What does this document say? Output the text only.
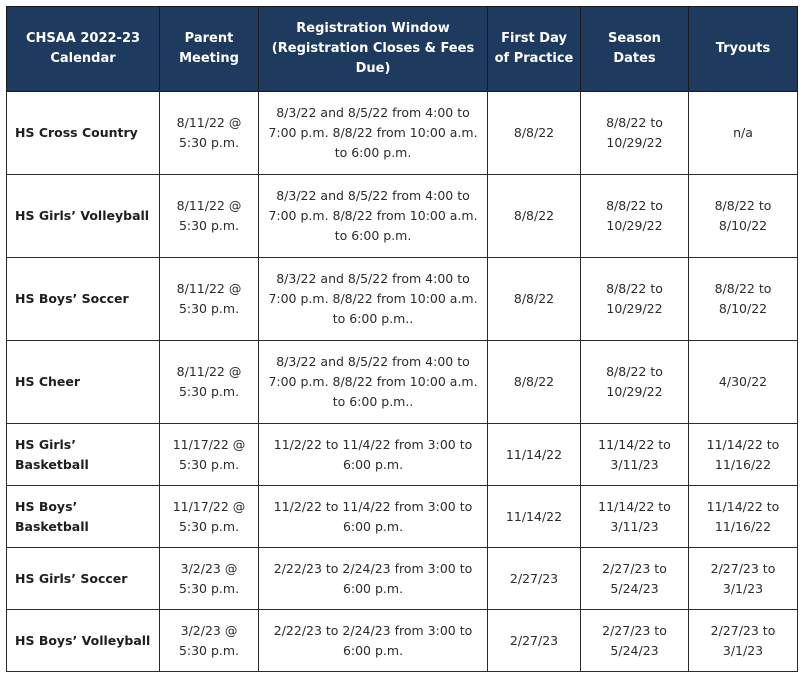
CHSAA 2022-23 Calendar	Parent Meeting	Registration Window (Registration Closes & Fees Due)	First Day of Practice	Season Dates	Tryouts
HS Cross Country	8/11/22 @ 5:30 p.m.	8/3/22 and 8/5/22 from 4:00 to 7:00 p.m. 8/8/22 from 10:00 a.m. to 6:00 p.m.	8/8/22	8/8/22 to 10/29/22	n/a
HS Girls’ Volleyball	8/11/22 @ 5:30 p.m.	8/3/22 and 8/5/22 from 4:00 to 7:00 p.m. 8/8/22 from 10:00 a.m. to 6:00 p.m.	8/8/22	8/8/22 to 10/29/22	8/8/22 to 8/10/22
HS Boys’ Soccer	8/11/22 @ 5:30 p.m.	8/3/22 and 8/5/22 from 4:00 to 7:00 p.m. 8/8/22 from 10:00 a.m. to 6:00 p.m..	8/8/22	8/8/22 to 10/29/22	8/8/22 to 8/10/22
HS Cheer	8/11/22 @ 5:30 p.m.	8/3/22 and 8/5/22 from 4:00 to 7:00 p.m. 8/8/22 from 10:00 a.m. to 6:00 p.m..	8/8/22	8/8/22 to 10/29/22	4/30/22
HS Girls’ Basketball	11/17/22 @ 5:30 p.m.	11/2/22 to 11/4/22 from 3:00 to 6:00 p.m.	11/14/22	11/14/22 to 3/11/23	11/14/22 to 11/16/22
HS Boys’ Basketball	11/17/22 @ 5:30 p.m.	11/2/22 to 11/4/22 from 3:00 to 6:00 p.m.	11/14/22	11/14/22 to 3/11/23	11/14/22 to 11/16/22
HS Girls’ Soccer	3/2/23 @ 5:30 p.m.	2/22/23 to 2/24/23 from 3:00 to 6:00 p.m.	2/27/23	2/27/23 to 5/24/23	2/27/23 to 3/1/23
HS Boys’ Volleyball	3/2/23 @ 5:30 p.m.	2/22/23 to 2/24/23 from 3:00 to 6:00 p.m.	2/27/23	2/27/23 to 5/24/23	2/27/23 to 3/1/23
